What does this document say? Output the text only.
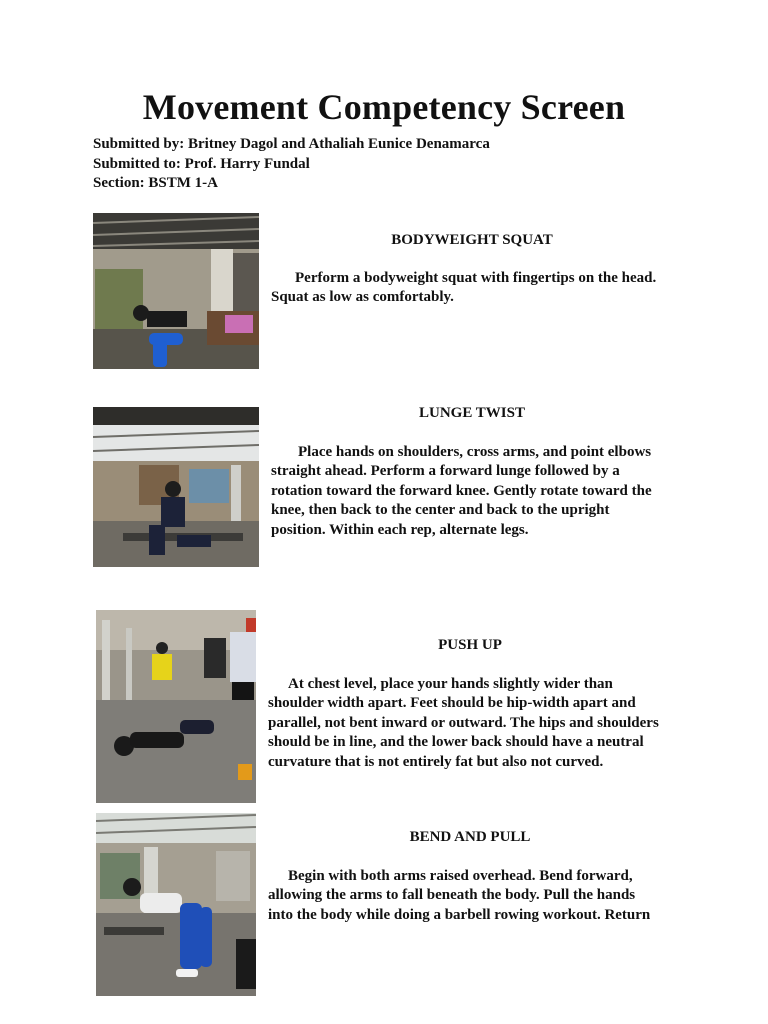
Movement Competency Screen
Submitted by: Britney Dagol and Athaliah Eunice Denamarca
Submitted to: Prof. Harry Fundal
Section: BSTM 1-A
BODYWEIGHT SQUAT
Perform a bodyweight squat with fingertips on the head.
Squat as low as comfortably.
LUNGE TWIST
Place hands on shoulders, cross arms, and point elbows
straight ahead. Perform a forward lunge followed by a
rotation toward the forward knee. Gently rotate toward the
knee, then back to the center and back to the upright
position. Within each rep, alternate legs.
PUSH UP
At chest level, place your hands slightly wider than
shoulder width apart. Feet should be hip-width apart and
parallel, not bent inward or outward. The hips and shoulders
should be in line, and the lower back should have a neutral
curvature that is not entirely fat but also not curved.
BEND AND PULL
Begin with both arms raised overhead. Bend forward,
allowing the arms to fall beneath the body. Pull the hands
into the body while doing a barbell rowing workout. Return
